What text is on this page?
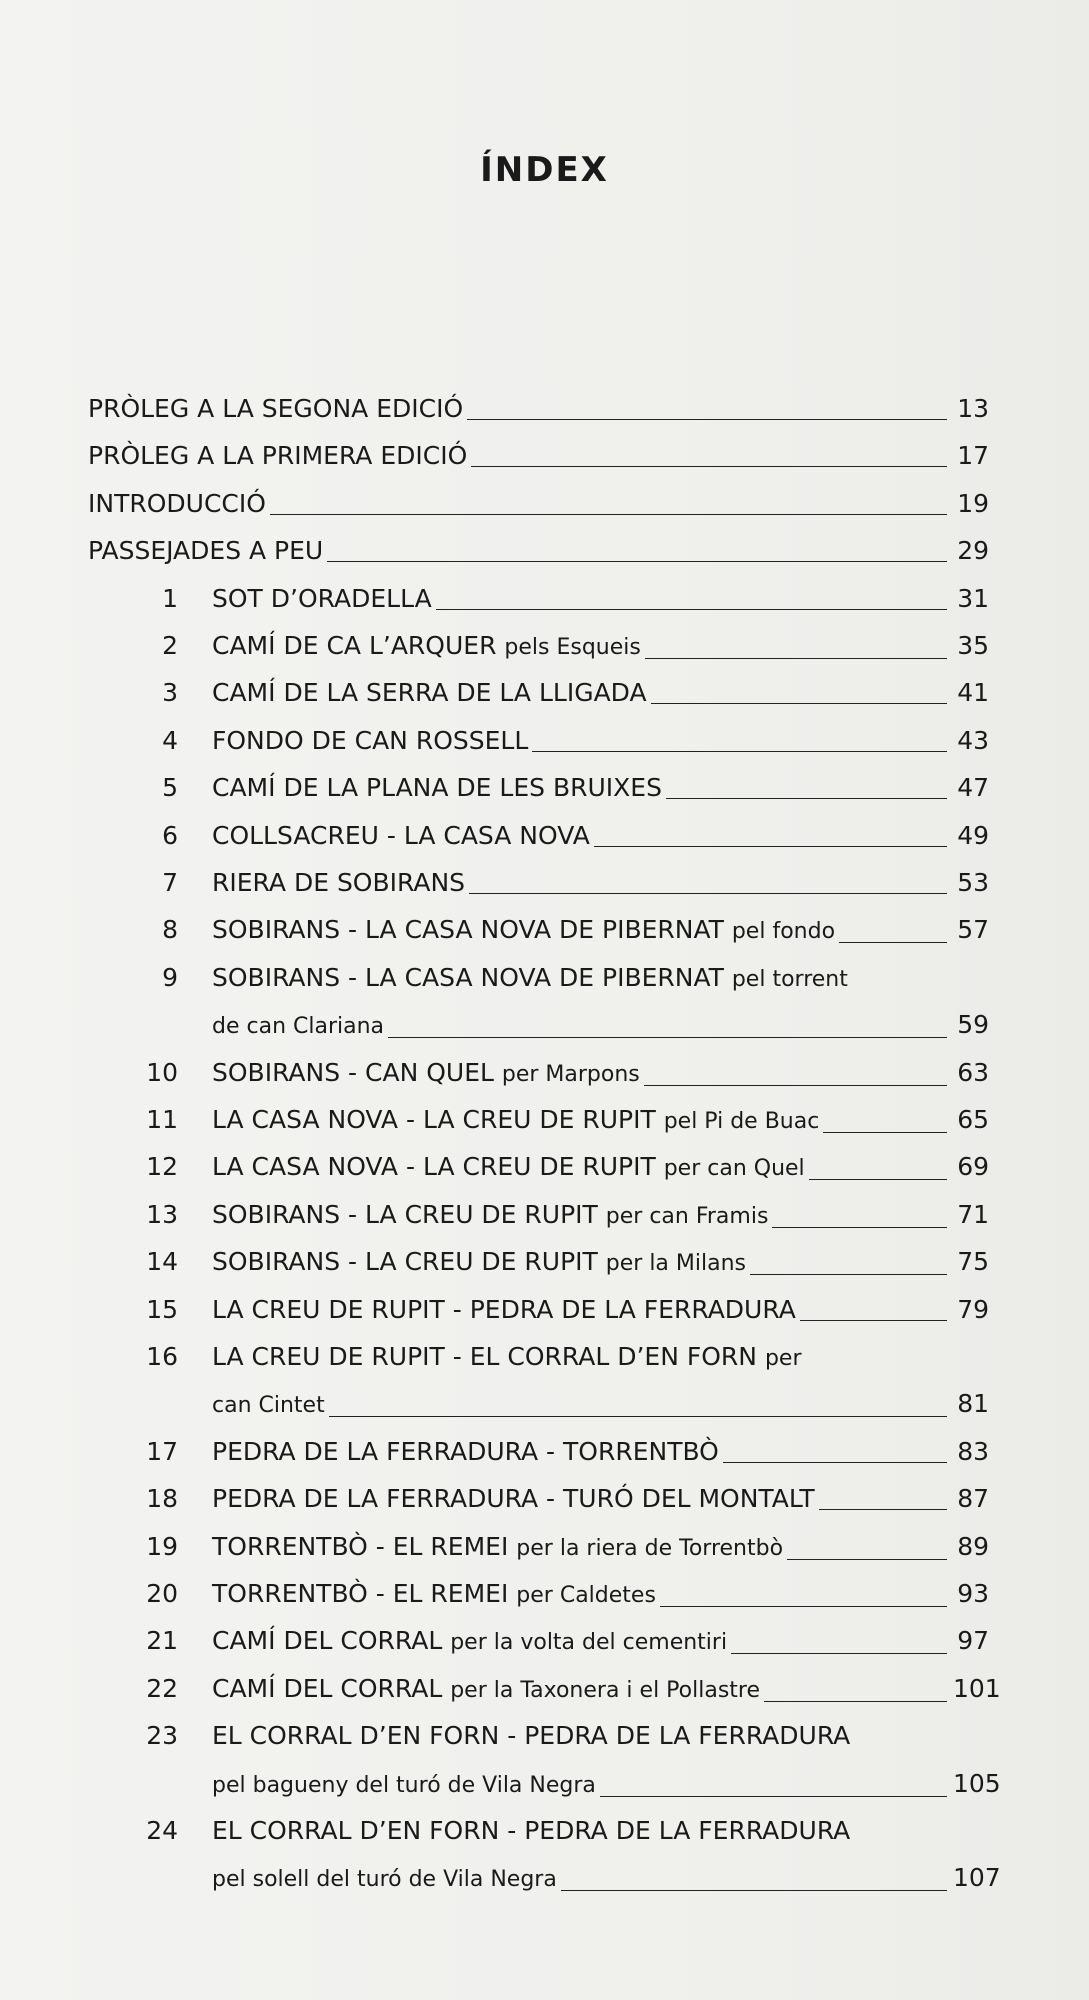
ÍNDEX
PRÒLEG A LA SEGONA EDICIÓ	13
PRÒLEG A LA PRIMERA EDICIÓ	17
INTRODUCCIÓ	19
PASSEJADES A PEU	29
1 SOT D’ORADELLA	31
2 CAMÍ DE CA L’ARQUER pels Esqueis	35
3 CAMÍ DE LA SERRA DE LA LLIGADA	41
4 FONDO DE CAN ROSSELL	43
5 CAMÍ DE LA PLANA DE LES BRUIXES	47
6 COLLSACREU - LA CASA NOVA	49
7 RIERA DE SOBIRANS	53
8 SOBIRANS - LA CASA NOVA DE PIBERNAT pel fondo	57
9 SOBIRANS - LA CASA NOVA DE PIBERNAT pel torrent
de can Clariana	59
10 SOBIRANS - CAN QUEL per Marpons	63
11 LA CASA NOVA - LA CREU DE RUPIT pel Pi de Buac	65
12 LA CASA NOVA - LA CREU DE RUPIT per can Quel	69
13 SOBIRANS - LA CREU DE RUPIT per can Framis	71
14 SOBIRANS - LA CREU DE RUPIT per la Milans	75
15 LA CREU DE RUPIT - PEDRA DE LA FERRADURA	79
16 LA CREU DE RUPIT - EL CORRAL D’EN FORN per
can Cintet	81
17 PEDRA DE LA FERRADURA - TORRENTBÒ	83
18 PEDRA DE LA FERRADURA - TURÓ DEL MONTALT	87
19 TORRENTBÒ - EL REMEI per la riera de Torrentbò	89
20 TORRENTBÒ - EL REMEI per Caldetes	93
21 CAMÍ DEL CORRAL per la volta del cementiri	97
22 CAMÍ DEL CORRAL per la Taxonera i el Pollastre	101
23 EL CORRAL D’EN FORN - PEDRA DE LA FERRADURA
pel bagueny del turó de Vila Negra	105
24 EL CORRAL D’EN FORN - PEDRA DE LA FERRADURA
pel solell del turó de Vila Negra	107
